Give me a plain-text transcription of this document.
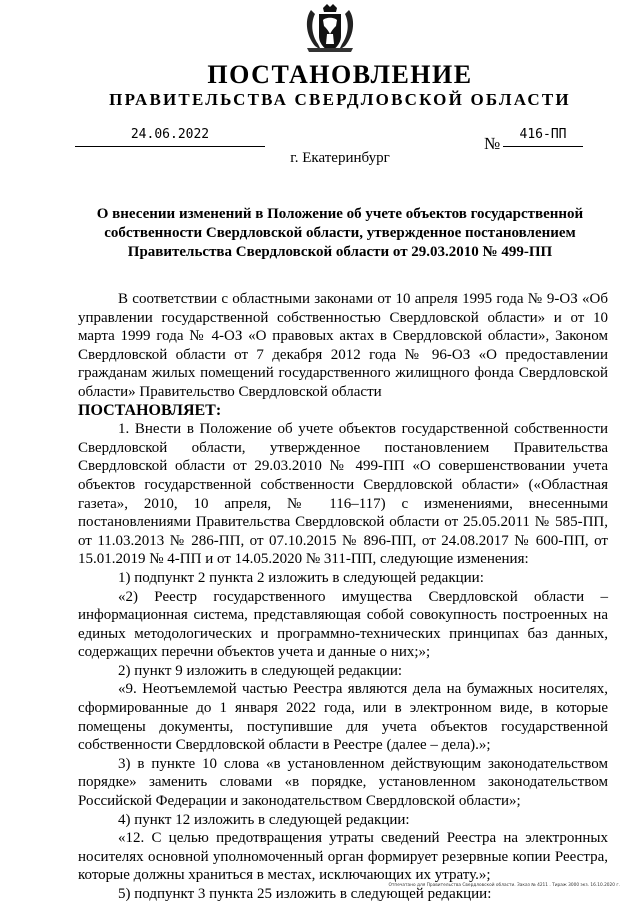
ПОСТАНОВЛЕНИЕ
ПРАВИТЕЛЬСТВА СВЕРДЛОВСКОЙ ОБЛАСТИ
24.06.2022	№	416-ПП
г. Екатеринбург
О внесении изменений в Положение об учете объектов государственной собственности Свердловской области, утвержденное постановлением Правительства Свердловской области от 29.03.2010 № 499-ПП

В соответствии с областными законами от 10 апреля 1995 года № 9-ОЗ «Об управлении государственной собственностью Свердловской области» и от 10 марта 1999 года № 4-ОЗ «О правовых актах в Свердловской области», Законом Свердловской области от 7 декабря 2012 года № 96-ОЗ «О предоставлении гражданам жилых помещений государственного жилищного фонда Свердловской области» Правительство Свердловской области

ПОСТАНОВЛЯЕТ:

1. Внести в Положение об учете объектов государственной собственности Свердловской области, утвержденное постановлением Правительства Свердловской области от 29.03.2010 № 499-ПП «О совершенствовании учета объектов государственной собственности Свердловской области» («Областная газета», 2010, 10 апреля, № 116–117) с изменениями, внесенными постановлениями Правительства Свердловской области от 25.05.2011 № 585-ПП, от 11.03.2013 № 286-ПП, от 07.10.2015 № 896-ПП, от 24.08.2017 № 600-ПП, от 15.01.2019 № 4-ПП и от 14.05.2020 № 311-ПП, следующие изменения:

1) подпункт 2 пункта 2 изложить в следующей редакции:

«2) Реестр государственного имущества Свердловской области – информационная система, представляющая собой совокупность построенных на единых методологических и программно-технических принципах баз данных, содержащих перечни объектов учета и данные о них;»;

2) пункт 9 изложить в следующей редакции:

«9. Неотъемлемой частью Реестра являются дела на бумажных носителях, сформированные до 1 января 2022 года, или в электронном виде, в которые помещены документы, поступившие для учета объектов государственной собственности Свердловской области в Реестре (далее – дела).»;

3) в пункте 10 слова «в установленном действующим законодательством порядке» заменить словами «в порядке, установленном законодательством Российской Федерации и законодательством Свердловской области»;

4) пункт 12 изложить в следующей редакции:

«12. С целью предотвращения утраты сведений Реестра на электронных носителях основной уполномоченный орган формирует резервные копии Реестра, которые должны храниться в местах, исключающих их утрату.»;

5) подпункт 3 пункта 25 изложить в следующей редакции:

Отпечатано для Правительства Свердловской области. Заказ № 4211 . Тираж 3000 экз. 16.10.2020 г.
